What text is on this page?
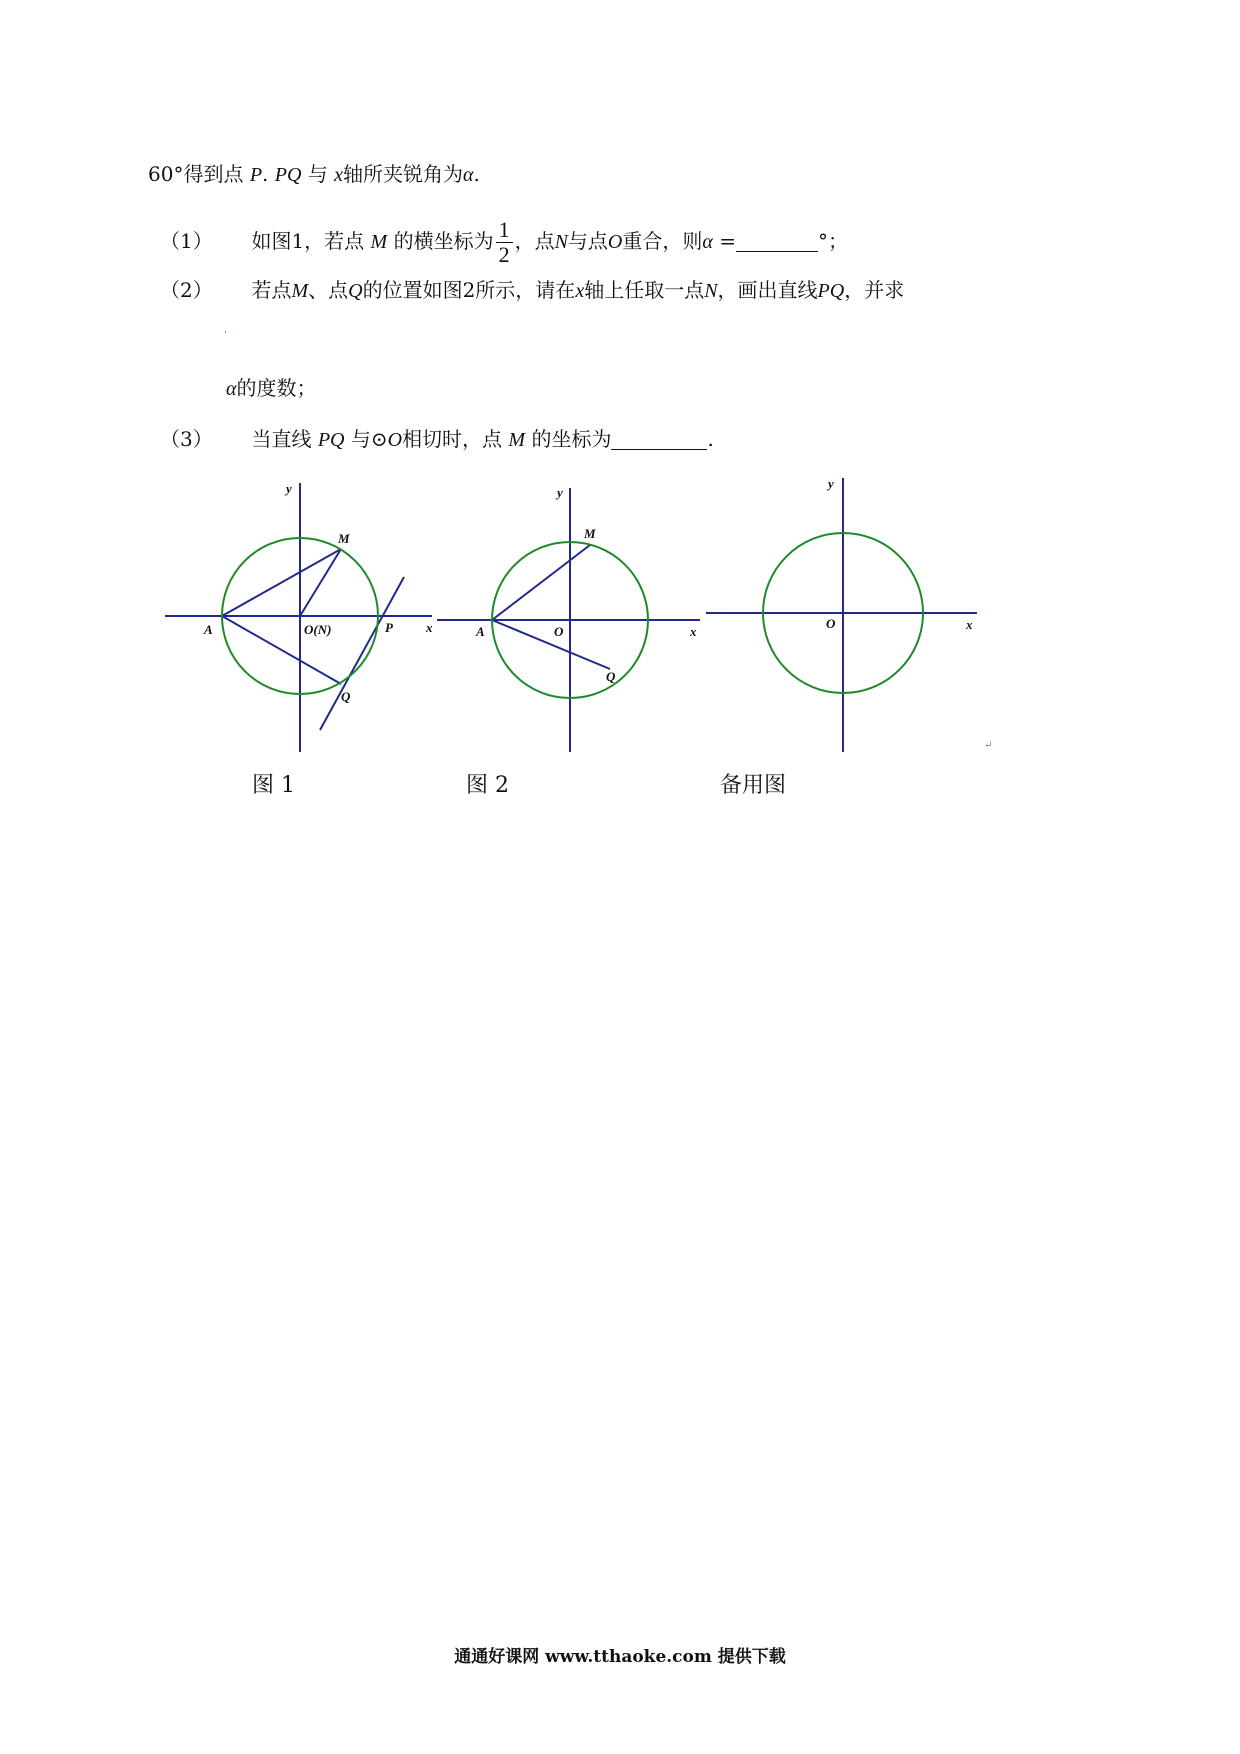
60°得到点 P. PQ 与 x轴所夹锐角为α.
（1） 如图1，若点 M 的横坐标为 $\frac{1}{2}$ ，点N与点O重合，则α =	°；
（2） 若点M、点Q的位置如图2所示，请在x轴上任取一点N，画出直线PQ，并求
'
α的度数；
（3） 当直线 PQ 与⊙O相切时，点 M 的坐标为	.
y
x
M
A	O(N)	P
Q
图 1
y
x
M
A	O
Q
图 2
y
x
O
备用图
↵
通通好课网 www.tthaoke.com 提供下载
